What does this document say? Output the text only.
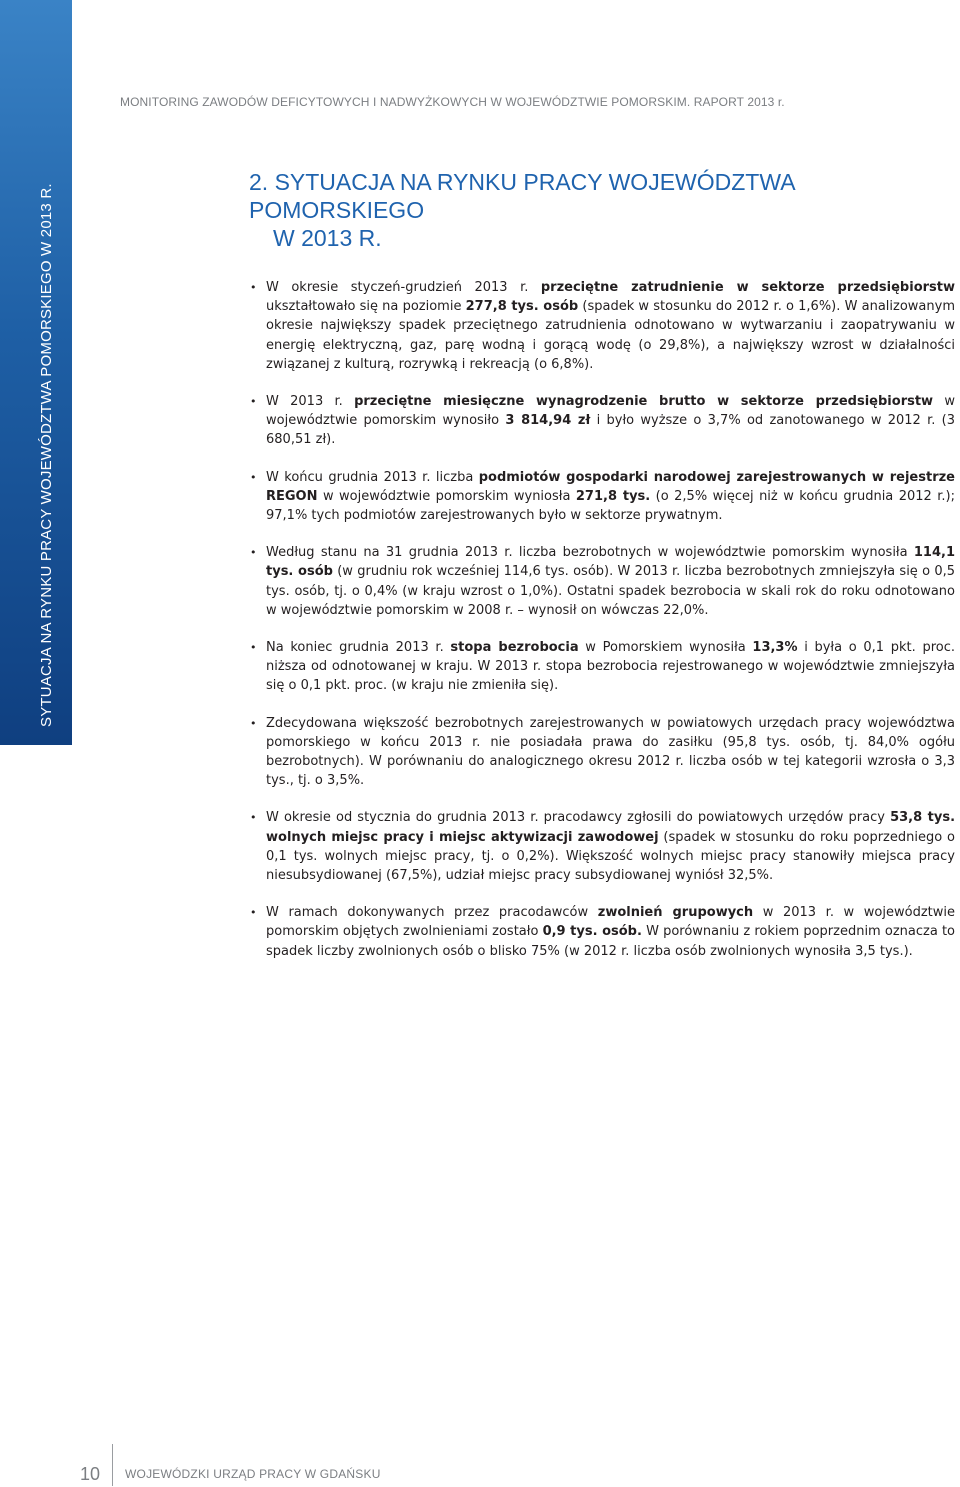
SYTUACJA NA RYNKU PRACY WOJEWÓDZTWA POMORSKIEGO W 2013 R.
MONITORING ZAWODÓW DEFICYTOWYCH I NADWYŻKOWYCH W WOJEWÓDZTWIE POMORSKIM. RAPORT 2013 r.
2. SYTUACJA NA RYNKU PRACY WOJEWÓDZTWA POMORSKIEGO
W 2013 R.
• W okresie styczeń-grudzień 2013 r. przeciętne zatrudnienie w sektorze przedsiębiorstw ukształtowało się na poziomie 277,8 tys. osób (spadek w stosunku do 2012 r. o 1,6%). W analizowanym okresie największy spadek przeciętnego zatrudnienia odnotowano w wytwarzaniu i zaopatrywaniu w energię elektryczną, gaz, parę wodną i gorącą wodę (o 29,8%), a największy wzrost w działalności związanej z kulturą, rozrywką i rekreacją (o 6,8%).
• W 2013 r. przeciętne miesięczne wynagrodzenie brutto w sektorze przedsiębiorstw w województwie pomorskim wynosiło 3 814,94 zł i było wyższe o 3,7% od zanotowanego w 2012 r. (3 680,51 zł).
• W końcu grudnia 2013 r. liczba podmiotów gospodarki narodowej zarejestrowanych w rejestrze REGON w województwie pomorskim wyniosła 271,8 tys. (o 2,5% więcej niż w końcu grudnia 2012 r.); 97,1% tych podmiotów zarejestrowanych było w sektorze prywatnym.
• Według stanu na 31 grudnia 2013 r. liczba bezrobotnych w województwie pomorskim wynosiła 114,1 tys. osób (w grudniu rok wcześniej 114,6 tys. osób). W 2013 r. liczba bezrobotnych zmniejszyła się o 0,5 tys. osób, tj. o 0,4% (w kraju wzrost o 1,0%). Ostatni spadek bezrobocia w skali rok do roku odnotowano w województwie pomorskim w 2008 r. – wynosił on wówczas 22,0%.
• Na koniec grudnia 2013 r. stopa bezrobocia w Pomorskiem wynosiła 13,3% i była o 0,1 pkt. proc. niższa od odnotowanej w kraju. W 2013 r. stopa bezrobocia rejestrowanego w województwie zmniejszyła się o 0,1 pkt. proc. (w kraju nie zmieniła się).
• Zdecydowana większość bezrobotnych zarejestrowanych w powiatowych urzędach pracy województwa pomorskiego w końcu 2013 r. nie posiadała prawa do zasiłku (95,8 tys. osób, tj. 84,0% ogółu bezrobotnych). W porównaniu do analogicznego okresu 2012 r. liczba osób w tej kategorii wzrosła o 3,3 tys., tj. o 3,5%.
• W okresie od stycznia do grudnia 2013 r. pracodawcy zgłosili do powiatowych urzędów pracy 53,8 tys. wolnych miejsc pracy i miejsc aktywizacji zawodowej (spadek w stosunku do roku poprzedniego o 0,1 tys. wolnych miejsc pracy, tj. o 0,2%). Większość wolnych miejsc pracy stanowiły miejsca pracy niesubsydiowanej (67,5%), udział miejsc pracy subsydiowanej wyniósł 32,5%.
• W ramach dokonywanych przez pracodawców zwolnień grupowych w 2013 r. w województwie pomorskim objętych zwolnieniami zostało 0,9 tys. osób. W porównaniu z rokiem poprzednim oznacza to spadek liczby zwolnionych osób o blisko 75% (w 2012 r. liczba osób zwolnionych wynosiła 3,5 tys.).
10	WOJEWÓDZKI URZĄD PRACY W GDAŃSKU
